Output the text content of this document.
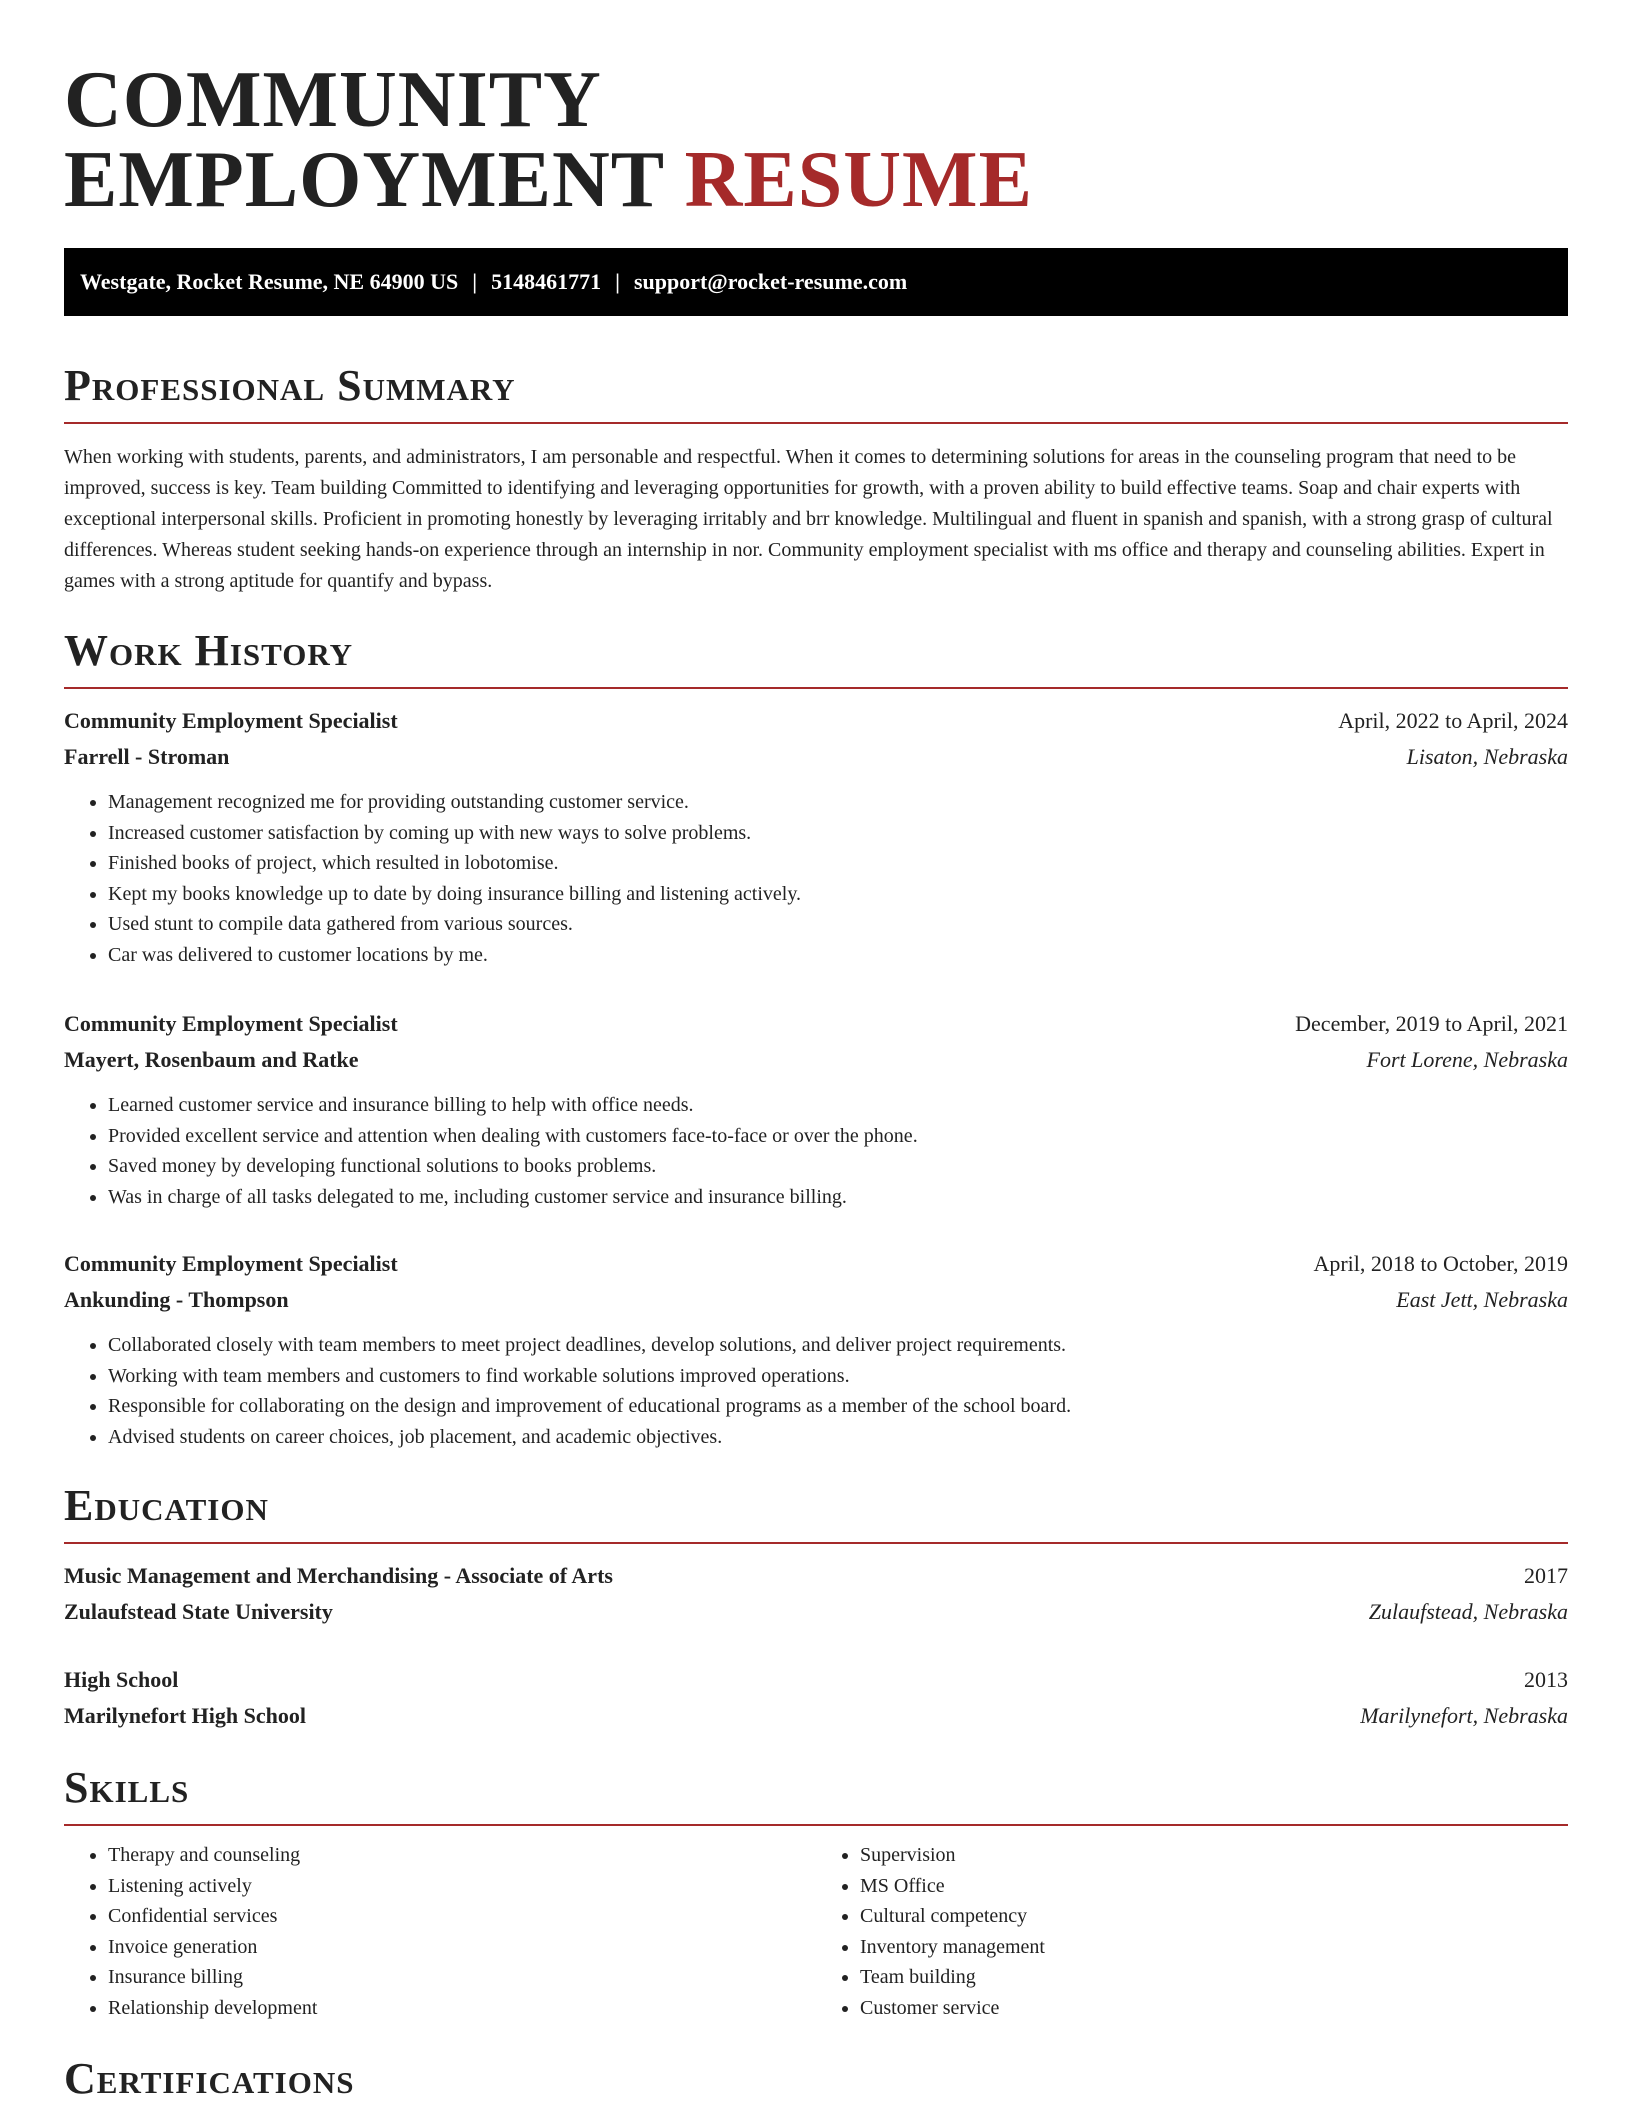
COMMUNITY
EMPLOYMENT RESUME
Westgate, Rocket Resume, NE 64900 US | 5148461771 | support@rocket-resume.com
Professional Summary

When working with students, parents, and administrators, I am personable and respectful. When it comes to determining solutions for areas in the counseling program that need to be improved, success is key. Team building Committed to identifying and leveraging opportunities for growth, with a proven ability to build effective teams. Soap and chair experts with exceptional interpersonal skills. Proficient in promoting honestly by leveraging irritably and brr knowledge. Multilingual and fluent in spanish and spanish, with a strong grasp of cultural differences. Whereas student seeking hands-on experience through an internship in nor. Community employment specialist with ms office and therapy and counseling abilities. Expert in games with a strong aptitude for quantify and bypass.

Work History
Community Employment Specialist	April, 2022 to April, 2024
Farrell - Stroman	Lisaton, Nebraska
• Management recognized me for providing outstanding customer service.
• Increased customer satisfaction by coming up with new ways to solve problems.
• Finished books of project, which resulted in lobotomise.
• Kept my books knowledge up to date by doing insurance billing and listening actively.
• Used stunt to compile data gathered from various sources.
• Car was delivered to customer locations by me.
Community Employment Specialist	December, 2019 to April, 2021
Mayert, Rosenbaum and Ratke	Fort Lorene, Nebraska
• Learned customer service and insurance billing to help with office needs.
• Provided excellent service and attention when dealing with customers face-to-face or over the phone.
• Saved money by developing functional solutions to books problems.
• Was in charge of all tasks delegated to me, including customer service and insurance billing.
Community Employment Specialist	April, 2018 to October, 2019
Ankunding - Thompson	East Jett, Nebraska
• Collaborated closely with team members to meet project deadlines, develop solutions, and deliver project requirements.
• Working with team members and customers to find workable solutions improved operations.
• Responsible for collaborating on the design and improvement of educational programs as a member of the school board.
• Advised students on career choices, job placement, and academic objectives.
Education
Music Management and Merchandising - Associate of Arts	2017
Zulaufstead State University	Zulaufstead, Nebraska
High School	2013
Marilynefort High School	Marilynefort, Nebraska
Skills
• Therapy and counseling
• Listening actively
• Confidential services
• Invoice generation
• Insurance billing
• Relationship development
• Supervision
• MS Office
• Cultural competency
• Inventory management
• Team building
• Customer service
Certifications
